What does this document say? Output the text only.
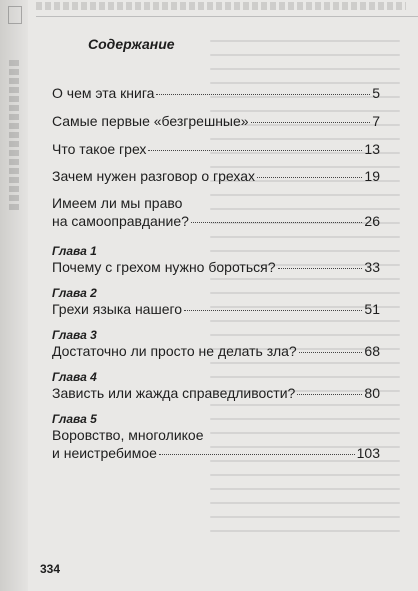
Содержание
О чем эта книга	5
Самые первые «безгрешные»	7
Что такое грех	13
Зачем нужен разговор о грехах	19
Имеем ли мы право
на самооправдание?	26
Глава 1
Почему с грехом нужно бороться?	33
Глава 2
Грехи языка нашего	51
Глава 3
Достаточно ли просто не делать зла?	68
Глава 4
Зависть или жажда справедливости?	80
Глава 5
Воровство, многоликое
и неистребимое	103
334
